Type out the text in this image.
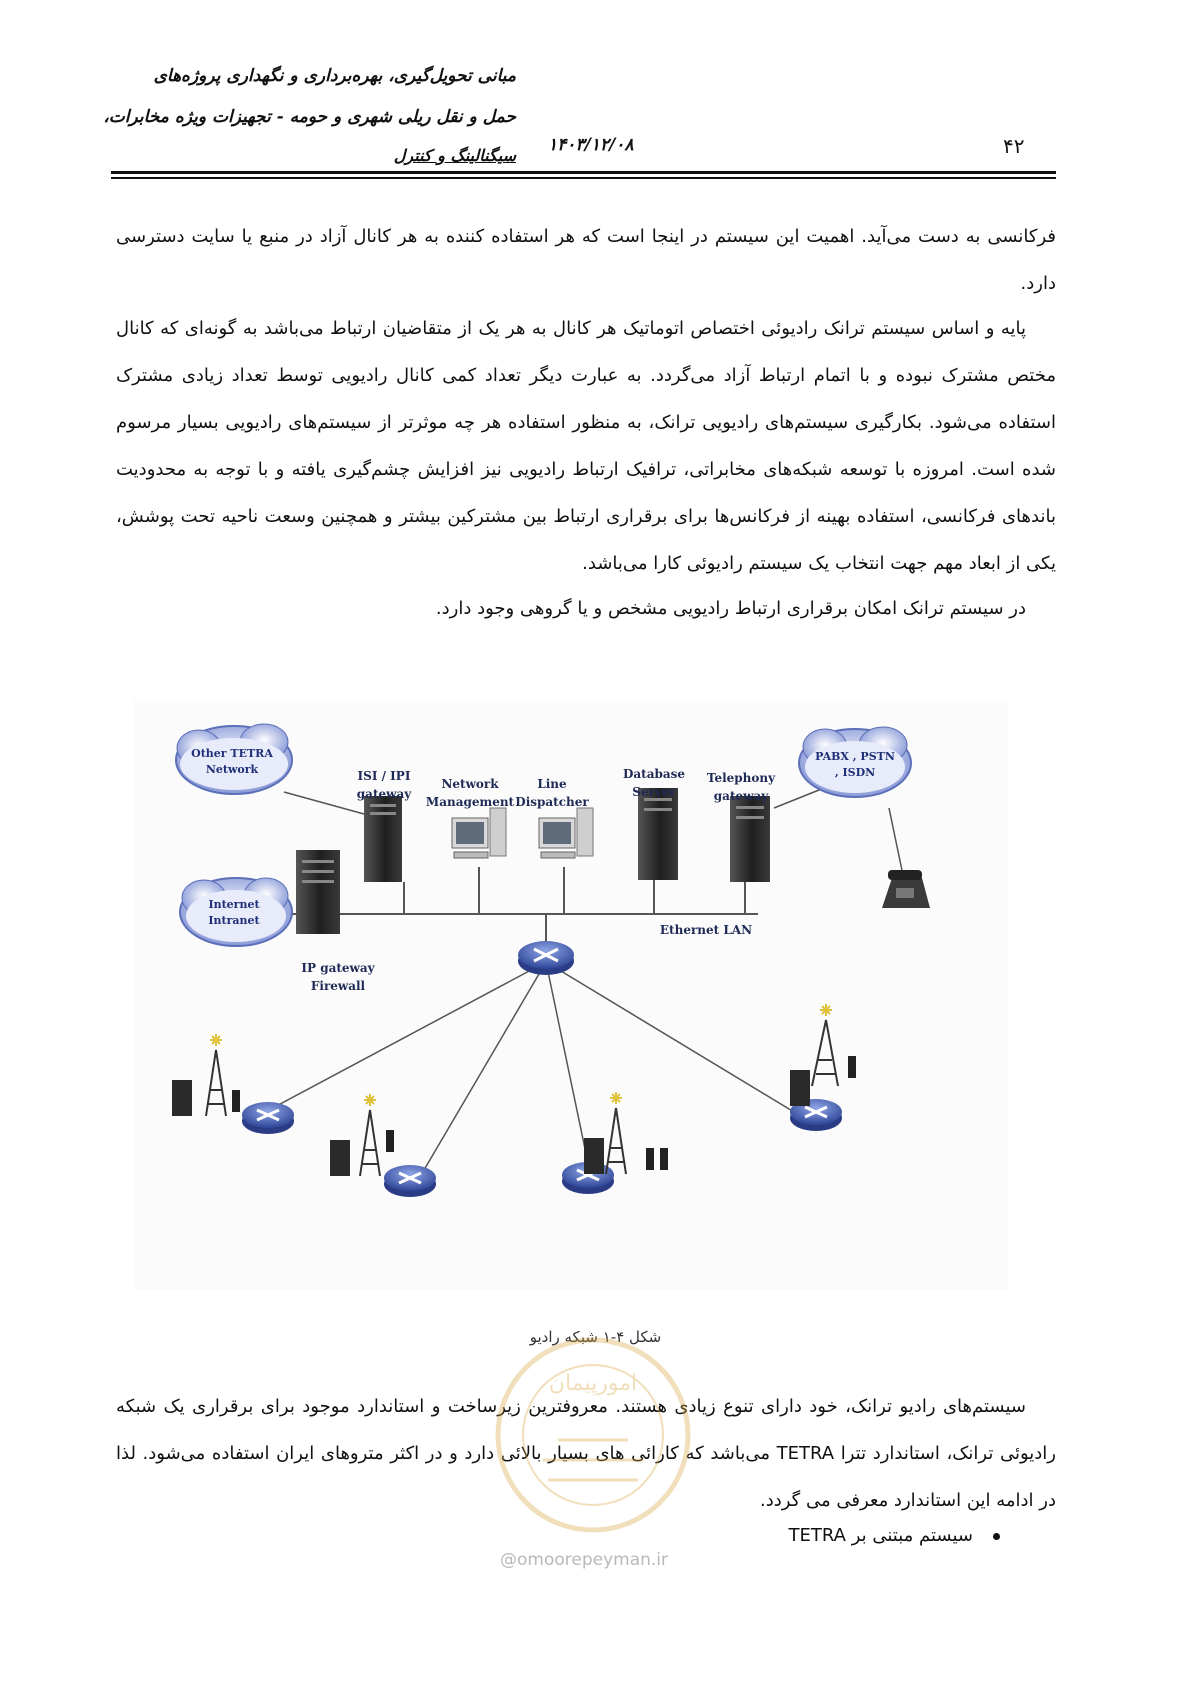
مبانی تحویل‌گیری، بهره‌برداری و نگهداری پروژه‌های
حمل و نقل ریلی شهری و حومه - تجهیزات ویژه مخابرات،
سیگنالینگ و کنترل
۱۴۰۳/۱۲/۰۸	۴۲

فرکانسی به دست می‌آید. اهمیت این سیستم در اینجا است که هر استفاده کننده به هر کانال آزاد در منبع یا سایت دسترسی دارد.

پایه و اساس سیستم ترانک رادیوئی اختصاص اتوماتیک هر کانال به هر یک از متقاضیان ارتباط می‌باشد به گونه‌ای که کانال مختص مشترک نبوده و با اتمام ارتباط آزاد می‌گردد. به عبارت دیگر تعداد کمی کانال رادیویی توسط تعداد زیادی مشترک استفاده می‌شود. بکارگیری سیستم‌های رادیویی ترانک، به منظور استفاده هر چه موثرتر از سیستم‌های رادیویی بسیار مرسوم شده است. امروزه با توسعه شبکه‌های مخابراتی، ترافیک ارتباط رادیویی نیز افزایش چشم‌گیری یافته و با توجه به محدودیت باندهای فرکانسی، استفاده بهینه از فرکانس‌ها برای برقراری ارتباط بین مشترکین بیشتر و همچنین وسعت ناحیه تحت پوشش، یکی از ابعاد مهم جهت انتخاب یک سیستم رادیوئی کارا می‌باشد.

در سیستم ترانک امکان برقراری ارتباط رادیویی مشخص و یا گروهی وجود دارد.

Other TETRA Network	ISI / IPI gateway
Network Management
Line Dispatcher
Database Server
Telephony gateway
PABX , PSTN , ISDN
Internet Intranet
Ethernet LAN
IP gateway Firewall
شکل ۴-۱ شبکه رادیو

سیستم‌های رادیو ترانک، خود دارای تنوع زیادی هستند. معروفترین زیرساخت و استاندارد موجود برای برقراری یک شبکه رادیوئی ترانک، استاندارد تترا TETRA می‌باشد که کارائی های بسیار بالائی دارد و در اکثر متروهای ایران استفاده می‌شود. لذا در ادامه این استاندارد معرفی می گردد.

سیستم مبتنی بر TETRA
امورپیمان
@omoorepeyman.ir
